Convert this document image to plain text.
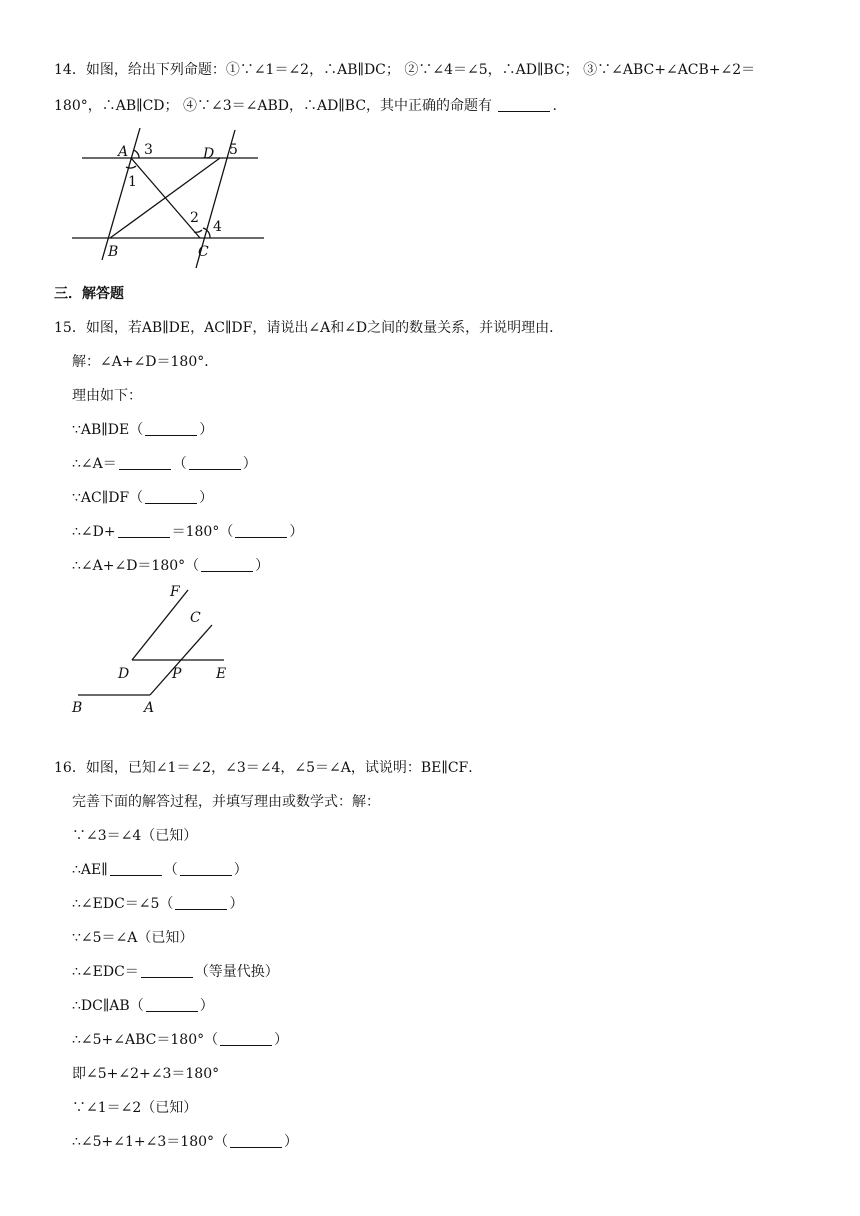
14．如图，给出下列命题：①∵∠1＝∠2，∴AB∥DC； ②∵∠4＝∠5，∴AD∥BC； ③∵∠ABC+∠ACB+∠2＝
180°，∴AB∥CD； ④∵∠3＝∠ABD，∴AD∥BC，其中正确的命题有	.
A 3
1
D 5
2
4
B	C
三．解答题
15．如图，若AB∥DE，AC∥DF，请说出∠A和∠D之间的数量关系，并说明理由．
解：∠A+∠D＝180°．
理由如下：
∵AB∥DE（	）
∴∠A＝	（	）
∵AC∥DF（	）
∴∠D+	＝180°（	）
∴∠A+∠D＝180°（	）
F
C
D	P E
B	A
16．如图，已知∠1＝∠2，∠3＝∠4，∠5＝∠A，试说明：BE∥CF．
完善下面的解答过程，并填写理由或数学式：解：
∵∠3＝∠4（已知）
∴AE∥	（	）
∴∠EDC＝∠5（	）
∵∠5＝∠A（已知）
∴∠EDC＝	（等量代换）
∴DC∥AB（	）
∴∠5+∠ABC＝180°（	）
即∠5+∠2+∠3＝180°
∵∠1＝∠2（已知）
∴∠5+∠1+∠3＝180°（	）
